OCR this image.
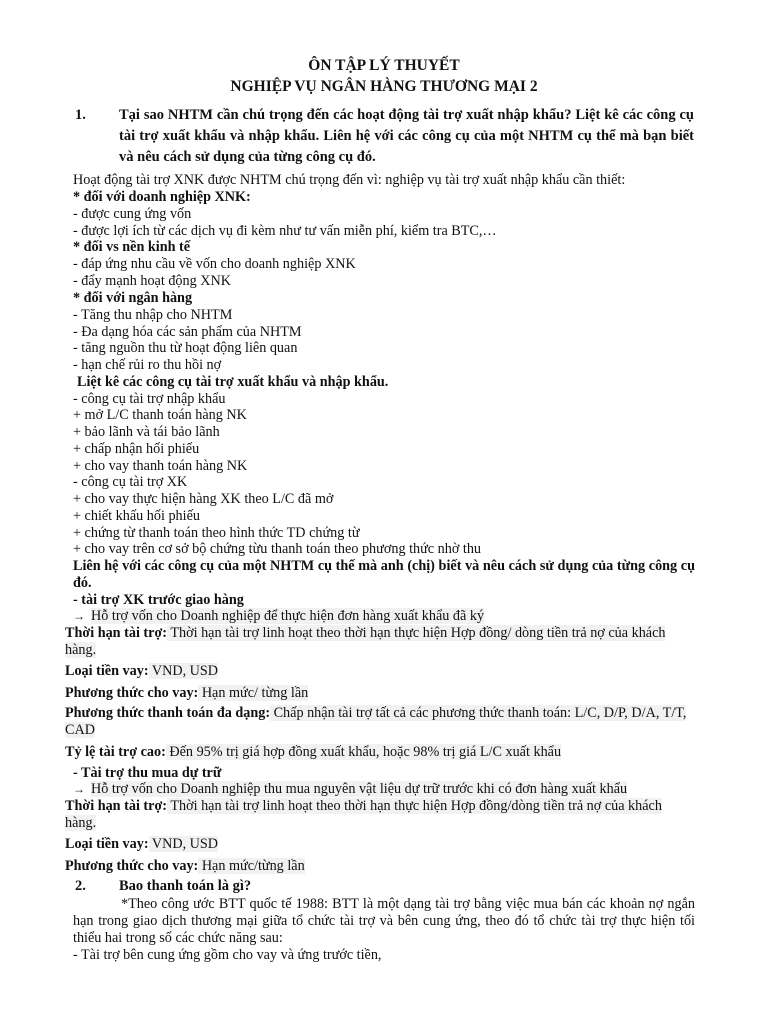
ÔN TẬP LÝ THUYẾT
NGHIỆP VỤ NGÂN HÀNG THƯƠNG MẠI 2
1. Tại sao NHTM cần chú trọng đến các hoạt động tài trợ xuất nhập khẩu? Liệt kê các công cụ tài trợ xuất khẩu và nhập khẩu. Liên hệ với các công cụ của một NHTM cụ thể mà bạn biết và nêu cách sử dụng của từng công cụ đó.
Hoạt động tài trợ XNK được NHTM chú trọng đến vì: nghiệp vụ tài trợ xuất nhập khẩu cần thiết:
* đối với doanh nghiệp XNK:
- được cung ứng vốn
- được lợi ích từ các dịch vụ đi kèm như tư vấn miễn phí, kiểm tra BTC,…
* đối vs nền kinh tế
- đáp ứng nhu cầu về vốn cho doanh nghiệp XNK
- đẩy mạnh hoạt động XNK
* đối với ngân hàng
- Tăng thu nhập cho NHTM
- Đa dạng hóa các sản phẩm của NHTM
- tăng nguồn thu từ hoạt động liên quan
- hạn chế rủi ro thu hồi nợ
Liệt kê các công cụ tài trợ xuất khẩu và nhập khẩu.
- công cụ tài trợ nhập khẩu
+ mở L/C thanh toán hàng NK
+ bảo lãnh và tái bảo lãnh
+ chấp nhận hối phiếu
+ cho vay thanh toán hàng NK
- công cụ tài trợ XK
+ cho vay thực hiện hàng XK theo L/C đã mở
+ chiết khấu hối phiếu
+ chứng từ thanh toán theo hình thức TD chứng từ
+ cho vay trên cơ sở bộ chứng từu thanh toán theo phương thức nhờ thu
Liên hệ với các công cụ của một NHTM cụ thế mà anh (chị) biết và nêu cách sử dụng của từng công cụ đó.
- tài trợ XK trước giao hàng
→ Hỗ trợ vốn cho Doanh nghiệp để thực hiện đơn hàng xuất khẩu đã ký
Thời hạn tài trợ: Thời hạn tài trợ linh hoạt theo thời hạn thực hiện Hợp đồng/ dòng tiền trả nợ của khách hàng.
Loại tiền vay: VND, USD
Phương thức cho vay: Hạn mức/ từng lần
Phương thức thanh toán đa dạng: Chấp nhận tài trợ tất cả các phương thức thanh toán: L/C, D/P, D/A, T/T, CAD
Tỷ lệ tài trợ cao: Đến 95% trị giá hợp đồng xuất khẩu, hoặc 98% trị giá L/C xuất khẩu
- Tài trợ thu mua dự trữ
→ Hỗ trợ vốn cho Doanh nghiệp thu mua nguyên vật liệu dự trữ trước khi có đơn hàng xuất khẩu
Thời hạn tài trợ: Thời hạn tài trợ linh hoạt theo thời hạn thực hiện Hợp đồng/dòng tiền trả nợ của khách hàng.
Loại tiền vay: VND, USD
Phương thức cho vay: Hạn mức/từng lần
2. Bao thanh toán là gì?
*Theo công ước BTT quốc tế 1988: BTT là một dạng tài trợ bằng việc mua bán các khoản nợ ngắn hạn trong giao dịch thương mại giữa tổ chức tài trợ và bên cung ứng, theo đó tổ chức tài trợ thực hiện tối thiểu hai trong số các chức năng sau:
- Tài trợ bên cung ứng gồm cho vay và ứng trước tiền,
